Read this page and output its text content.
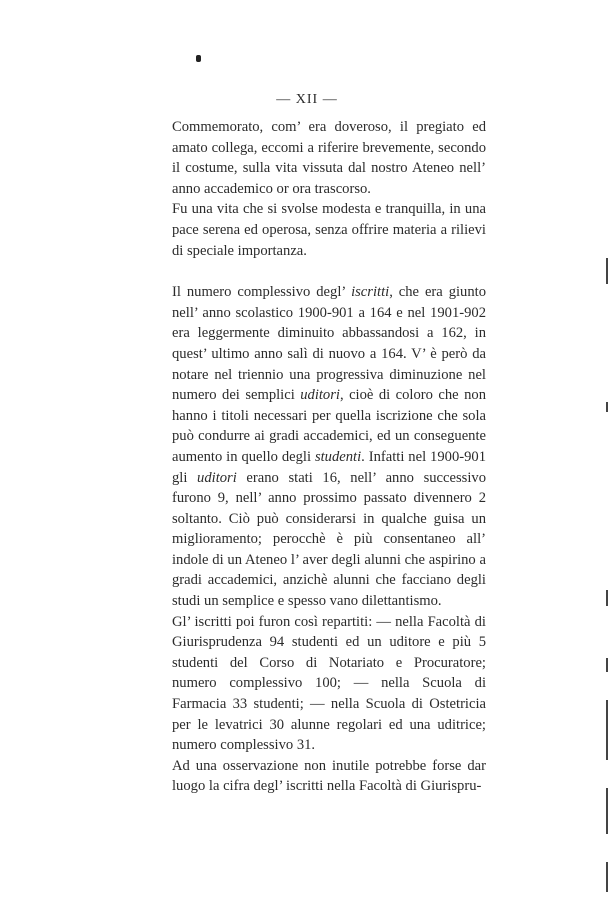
— XII —

Commemorato, com’ era doveroso, il pregiato ed amato collega, eccomi a riferire brevemente, secondo il costume, sulla vita vissuta dal nostro Ateneo nell’ anno accademico or ora trascorso.

Fu una vita che si svolse modesta e tranquilla, in una pace serena ed operosa, senza offrire materia a rilievi di speciale importanza.

Il numero complessivo degl’ iscritti, che era giunto nell’ anno scolastico 1900-901 a 164 e nel 1901-902 era leggermente diminuito abbassandosi a 162, in quest’ ultimo anno salì di nuovo a 164. V’ è però da notare nel triennio una progressiva diminuzione nel numero dei semplici uditori, cioè di coloro che non hanno i titoli necessari per quella iscrizione che sola può condurre ai gradi accademici, ed un conseguente aumento in quello degli studenti. Infatti nel 1900-901 gli uditori erano stati 16, nell’ anno successivo furono 9, nell’ anno prossimo passato divennero 2 soltanto. Ciò può considerarsi in qualche guisa un miglioramento; perocchè è più consentaneo all’ indole di un Ateneo l’ aver degli alunni che aspirino a gradi accademici, anzichè alunni che facciano degli studi un semplice e spesso vano dilettantismo.

Gl’ iscritti poi furon così repartiti: — nella Facoltà di Giurisprudenza 94 studenti ed un uditore e più 5 studenti del Corso di Notariato e Procuratore; numero complessivo 100; — nella Scuola di Farmacia 33 studenti; — nella Scuola di Ostetricia per le levatrici 30 alunne regolari ed una uditrice; numero complessivo 31.

Ad una osservazione non inutile potrebbe forse dar luogo la cifra degl’ iscritti nella Facoltà di Giurispru-
